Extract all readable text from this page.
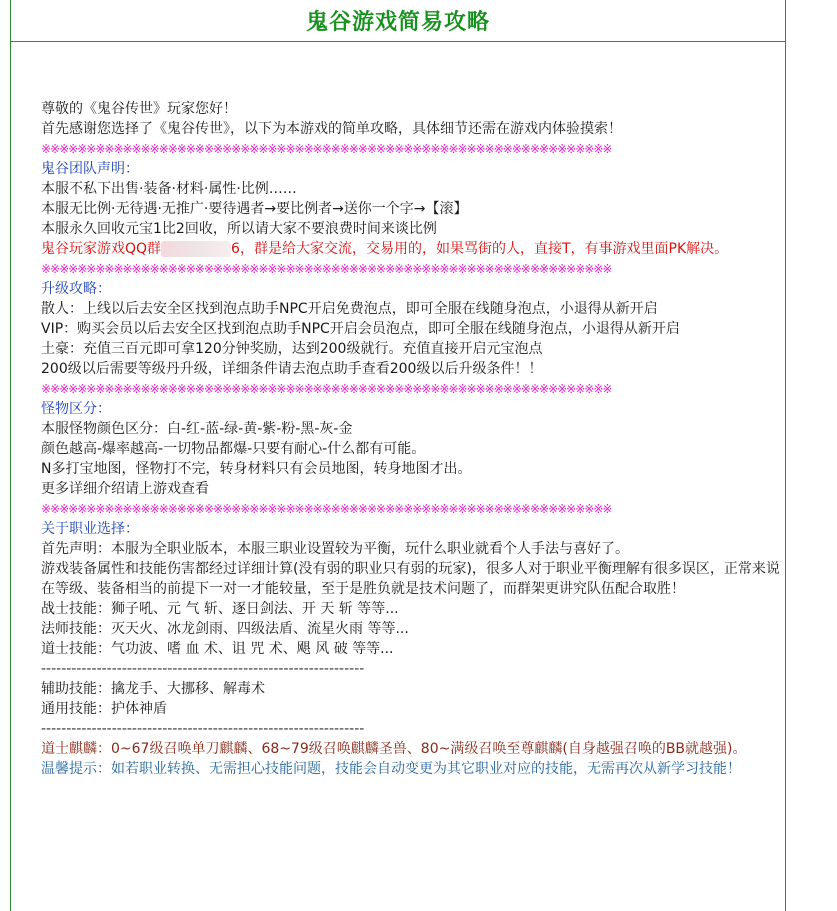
鬼谷游戏简易攻略
尊敬的《鬼谷传世》玩家您好！
首先感谢您选择了《鬼谷传世》，以下为本游戏的简单攻略，具体细节还需在游戏内体验摸索！
※※※※※※※※※※※※※※※※※※※※※※※※※※※※※※※※※※※※※※※※※※※※※※※※※※※※※※※※※※※※※※※
鬼谷团队声明：
本服不私下出售·装备·材料·属性·比例……
本服无比例·无待遇·无推广·要待遇者→要比例者→送你一个字→【滚】
本服永久回收元宝1比2回收，所以请大家不要浪费时间来谈比例
鬼谷玩家游戏QQ群	6，群是给大家交流，交易用的，如果骂街的人，直接T，有事游戏里面PK解决。
※※※※※※※※※※※※※※※※※※※※※※※※※※※※※※※※※※※※※※※※※※※※※※※※※※※※※※※※※※※※※※※
升级攻略：
散人：上线以后去安全区找到泡点助手NPC开启免费泡点，即可全服在线随身泡点，小退得从新开启
VIP：购买会员以后去安全区找到泡点助手NPC开启会员泡点，即可全服在线随身泡点，小退得从新开启
土豪：充值三百元即可拿120分钟奖励，达到200级就行。充值直接开启元宝泡点
200级以后需要等级丹升级，详细条件请去泡点助手查看200级以后升级条件！！
※※※※※※※※※※※※※※※※※※※※※※※※※※※※※※※※※※※※※※※※※※※※※※※※※※※※※※※※※※※※※※※
怪物区分：
本服怪物颜色区分：白-红-蓝-绿-黄-紫-粉-黑-灰-金
颜色越高-爆率越高-一切物品都爆-只要有耐心-什么都有可能。
N多打宝地图，怪物打不完，转身材料只有会员地图，转身地图才出。
更多详细介绍请上游戏查看
※※※※※※※※※※※※※※※※※※※※※※※※※※※※※※※※※※※※※※※※※※※※※※※※※※※※※※※※※※※※※※※
关于职业选择：
首先声明：本服为全职业版本，本服三职业设置较为平衡，玩什么职业就看个人手法与喜好了。
游戏装备属性和技能伤害都经过详细计算(没有弱的职业只有弱的玩家)，很多人对于职业平衡理解有很多误区，正常来说在等级、装备相当的前提下一对一才能较量，至于是胜负就是技术问题了，而群架更讲究队伍配合取胜！
战士技能：狮子吼、元 气 斩、逐日剑法、开 天 斩 等等...
法师技能：灭天火、冰龙剑雨、四级法盾、流星火雨 等等...
道士技能：气功波、嗜 血 术、诅 咒 术、飓 风 破 等等...
----------------------------------------------------------------
辅助技能：擒龙手、大挪移、解毒术
通用技能：护体神盾
----------------------------------------------------------------
道士麒麟：0~67级召唤单刀麒麟、68~79级召唤麒麟圣兽、80~满级召唤至尊麒麟(自身越强召唤的BB就越强)。
温馨提示：如若职业转换、无需担心技能问题，技能会自动变更为其它职业对应的技能，无需再次从新学习技能！
